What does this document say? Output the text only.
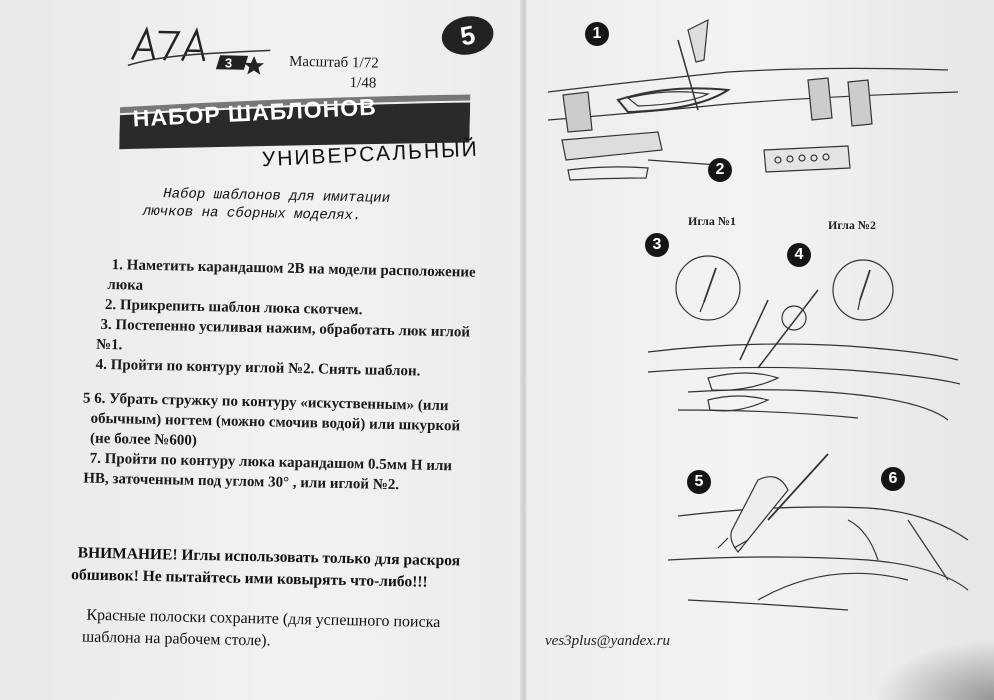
3	Масштаб 1/72
1/48
5
НАБОР ШАБЛОНОВ
УНИВЕРСАЛЬНЫЙ
Набор шаблонов для имитации
лючков на сборных моделях.
1. Наметить карандашом 2В на модели расположение
люка
2. Прикрепить шаблон люка скотчем.
3. Постепенно усиливая нажим, обработать люк иглой
№1.
4. Пройти по контуру иглой №2. Снять шаблон.
5 6. Убрать стружку по контуру «искуственным» (или
обычным) ногтем (можно смочив водой) или шкуркой
(не более №600)
7. Пройти по контуру люка карандашом 0.5мм Н или
НВ, заточенным под углом 30° , или иглой №2.
ВНИМАНИЕ! Иглы использовать только для раскроя
обшивок! Не пытайтесь ими ковырять что-либо!!!
Красные полоски сохраните (для успешного поиска
шаблона на рабочем столе).
1
2
3
4
5	6
Игла №1	Игла №2
ves3plus@yandex.ru
